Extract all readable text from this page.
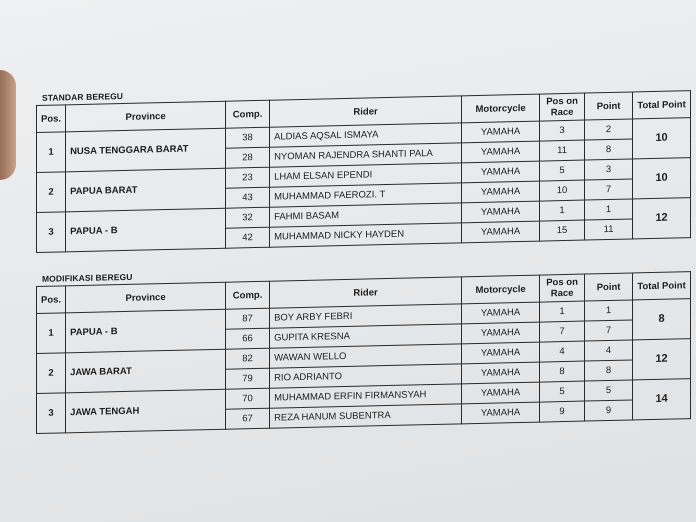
STANDAR BEREGU
Pos.	Province	Comp.	Rider	Motorcycle	Pos on Race	Point	Total Point
1	NUSA TENGGARA BARAT	38	ALDIAS AQSAL ISMAYA	YAMAHA	3	2	10
		28	NYOMAN RAJENDRA SHANTI PALA	YAMAHA	11	8	
2	PAPUA BARAT	23	LHAM ELSAN EPENDI	YAMAHA	5	3	10
		43	MUHAMMAD FAEROZI. T	YAMAHA	10	7	
3	PAPUA - B	32	FAHMI BASAM	YAMAHA	1	1	12
		42	MUHAMMAD NICKY HAYDEN	YAMAHA	15	11	
MODIFIKASI BEREGU
Pos.	Province	Comp.	Rider	Motorcycle	Pos on Race	Point	Total Point
1	PAPUA - B	87	BOY ARBY FEBRI	YAMAHA	1	1	8
		66	GUPITA KRESNA	YAMAHA	7	7	
2	JAWA BARAT	82	WAWAN WELLO	YAMAHA	4	4	12
		79	RIO ADRIANTO	YAMAHA	8	8	
3	JAWA TENGAH	70	MUHAMMAD ERFIN FIRMANSYAH	YAMAHA	5	5	14
		67	REZA HANUM SUBENTRA	YAMAHA	9	9	
